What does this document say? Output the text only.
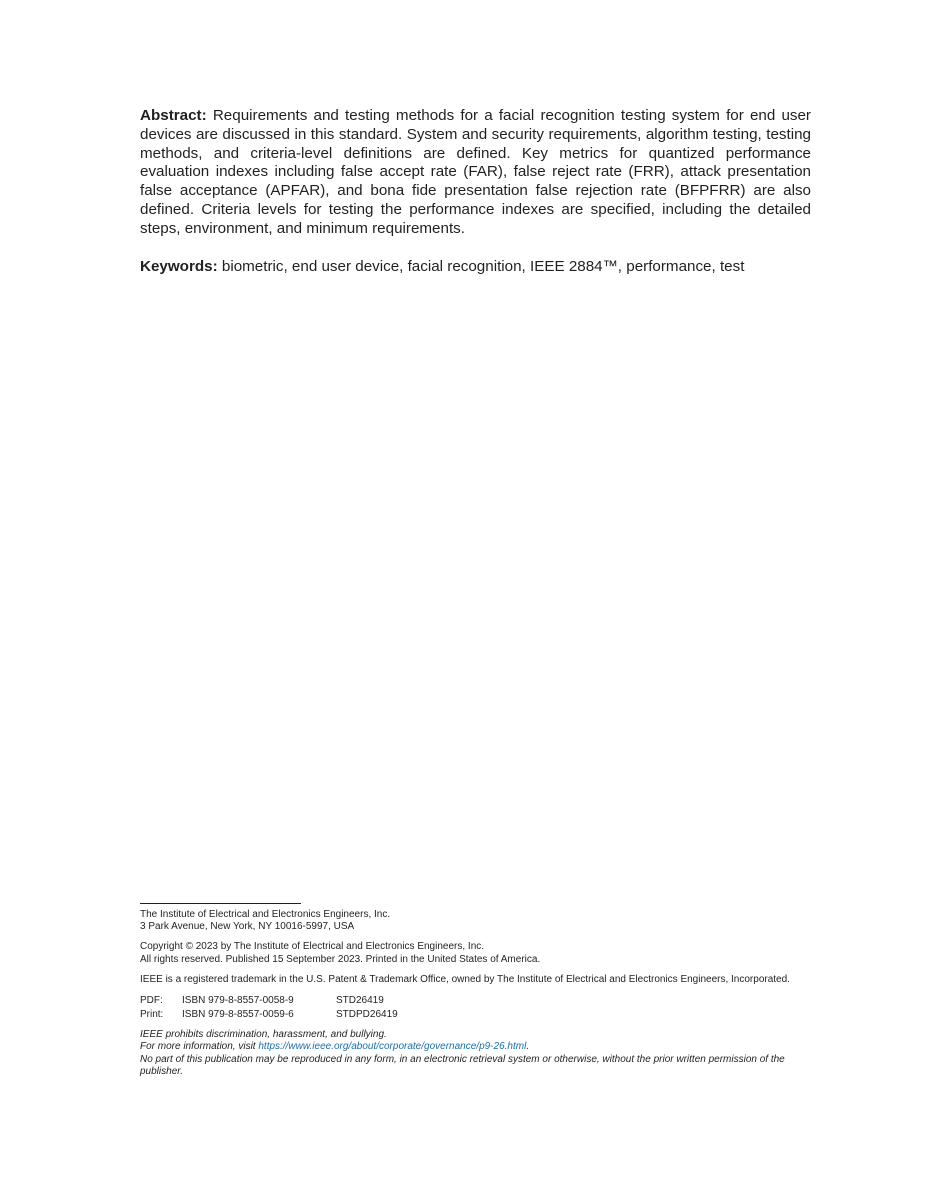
Abstract: Requirements and testing methods for a facial recognition testing system for end user devices are discussed in this standard. System and security requirements, algorithm testing, testing methods, and criteria-level definitions are defined. Key metrics for quantized performance evaluation indexes including false accept rate (FAR), false reject rate (FRR), attack presentation false acceptance (APFAR), and bona fide presentation false rejection rate (BFPFRR) are also defined. Criteria levels for testing the performance indexes are specified, including the detailed steps, environment, and minimum requirements.

Keywords: biometric, end user device, facial recognition, IEEE 2884™, performance, test

The Institute of Electrical and Electronics Engineers, Inc.
3 Park Avenue, New York, NY 10016-5997, USA
Copyright © 2023 by The Institute of Electrical and Electronics Engineers, Inc.
All rights reserved. Published 15 September 2023. Printed in the United States of America.
IEEE is a registered trademark in the U.S. Patent & Trademark Office, owned by The Institute of Electrical and Electronics Engineers, Incorporated.
PDF:	ISBN 979-8-8557-0058-9	STD26419
Print:	ISBN 979-8-8557-0059-6	STDPD26419
IEEE prohibits discrimination, harassment, and bullying.
For more information, visit https://www.ieee.org/about/corporate/governance/p9-26.html.
No part of this publication may be reproduced in any form, in an electronic retrieval system or otherwise, without the prior written permission of the publisher.
